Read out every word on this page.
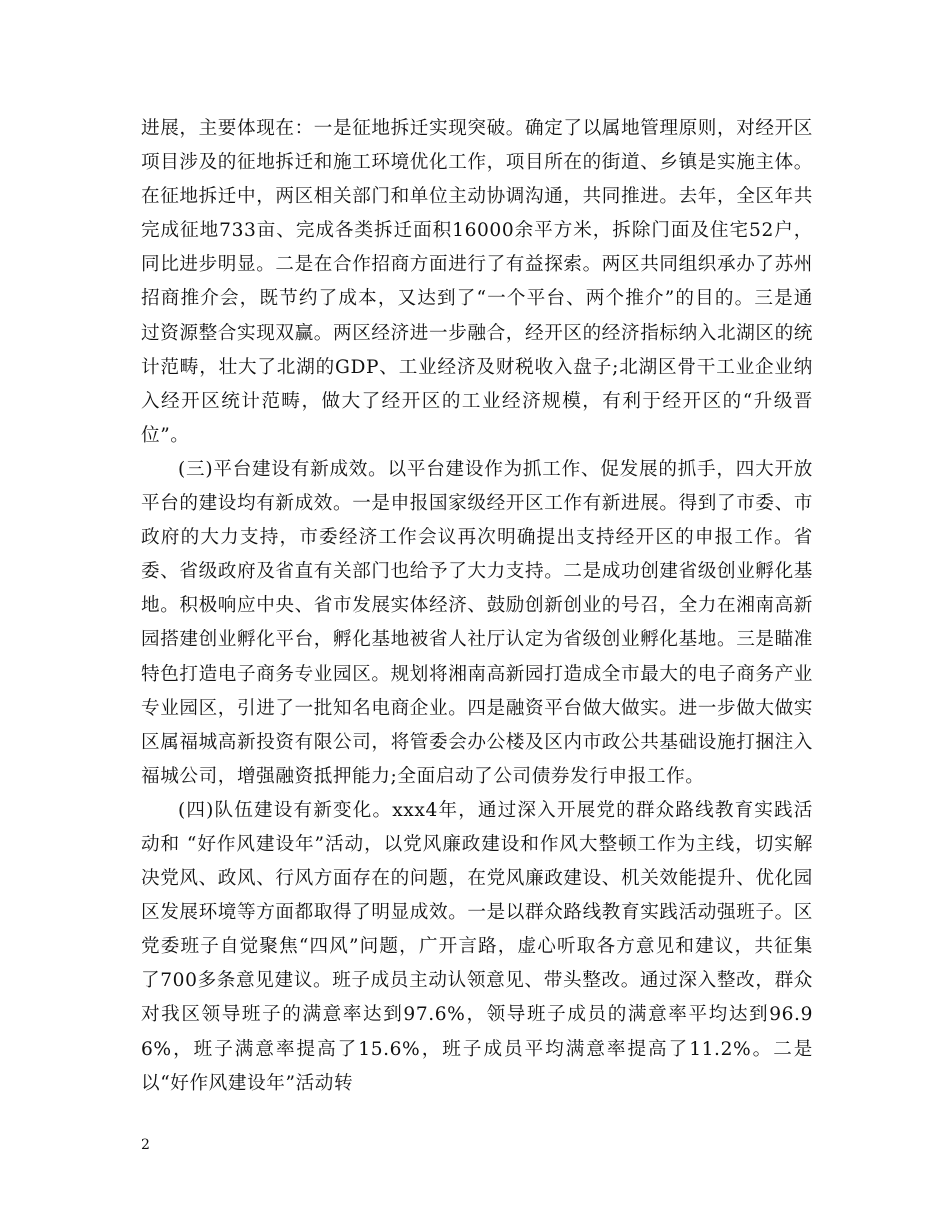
进展，主要体现在：一是征地拆迁实现突破。确定了以属地管理原则，对经开区项目涉及的征地拆迁和施工环境优化工作，项目所在的街道、乡镇是实施主体。在征地拆迁中，两区相关部门和单位主动协调沟通，共同推进。去年，全区年共完成征地733亩、完成各类拆迁面积16000余平方米，拆除门面及住宅52户，同比进步明显。二是在合作招商方面进行了有益探索。两区共同组织承办了苏州招商推介会，既节约了成本，又达到了“一个平台、两个推介”的目的。三是通过资源整合实现双赢。两区经济进一步融合，经开区的经济指标纳入北湖区的统计范畴，壮大了北湖的GDP、工业经济及财税收入盘子;北湖区骨干工业企业纳入经开区统计范畴，做大了经开区的工业经济规模，有利于经开区的“升级晋位”。

(三)平台建设有新成效。以平台建设作为抓工作、促发展的抓手，四大开放平台的建设均有新成效。一是申报国家级经开区工作有新进展。得到了市委、市政府的大力支持，市委经济工作会议再次明确提出支持经开区的申报工作。省委、省级政府及省直有关部门也给予了大力支持。二是成功创建省级创业孵化基地。积极响应中央、省市发展实体经济、鼓励创新创业的号召，全力在湘南高新园搭建创业孵化平台，孵化基地被省人社厅认定为省级创业孵化基地。三是瞄准特色打造电子商务专业园区。规划将湘南高新园打造成全市最大的电子商务产业专业园区，引进了一批知名电商企业。四是融资平台做大做实。进一步做大做实区属福城高新投资有限公司，将管委会办公楼及区内市政公共基础设施打捆注入福城公司，增强融资抵押能力;全面启动了公司债券发行申报工作。

(四)队伍建设有新变化。xxx4年，通过深入开展党的群众路线教育实践活动和 “好作风建设年”活动，以党风廉政建设和作风大整顿工作为主线，切实解决党风、政风、行风方面存在的问题，在党风廉政建设、机关效能提升、优化园区发展环境等方面都取得了明显成效。一是以群众路线教育实践活动强班子。区党委班子自觉聚焦“四风”问题，广开言路，虚心听取各方意见和建议，共征集了700多条意见建议。班子成员主动认领意见、带头整改。通过深入整改，群众对我区领导班子的满意率达到97.6%，领导班子成员的满意率平均达到96.96%，班子满意率提高了15.6%，班子成员平均满意率提高了11.2%。二是以“好作风建设年”活动转

2
